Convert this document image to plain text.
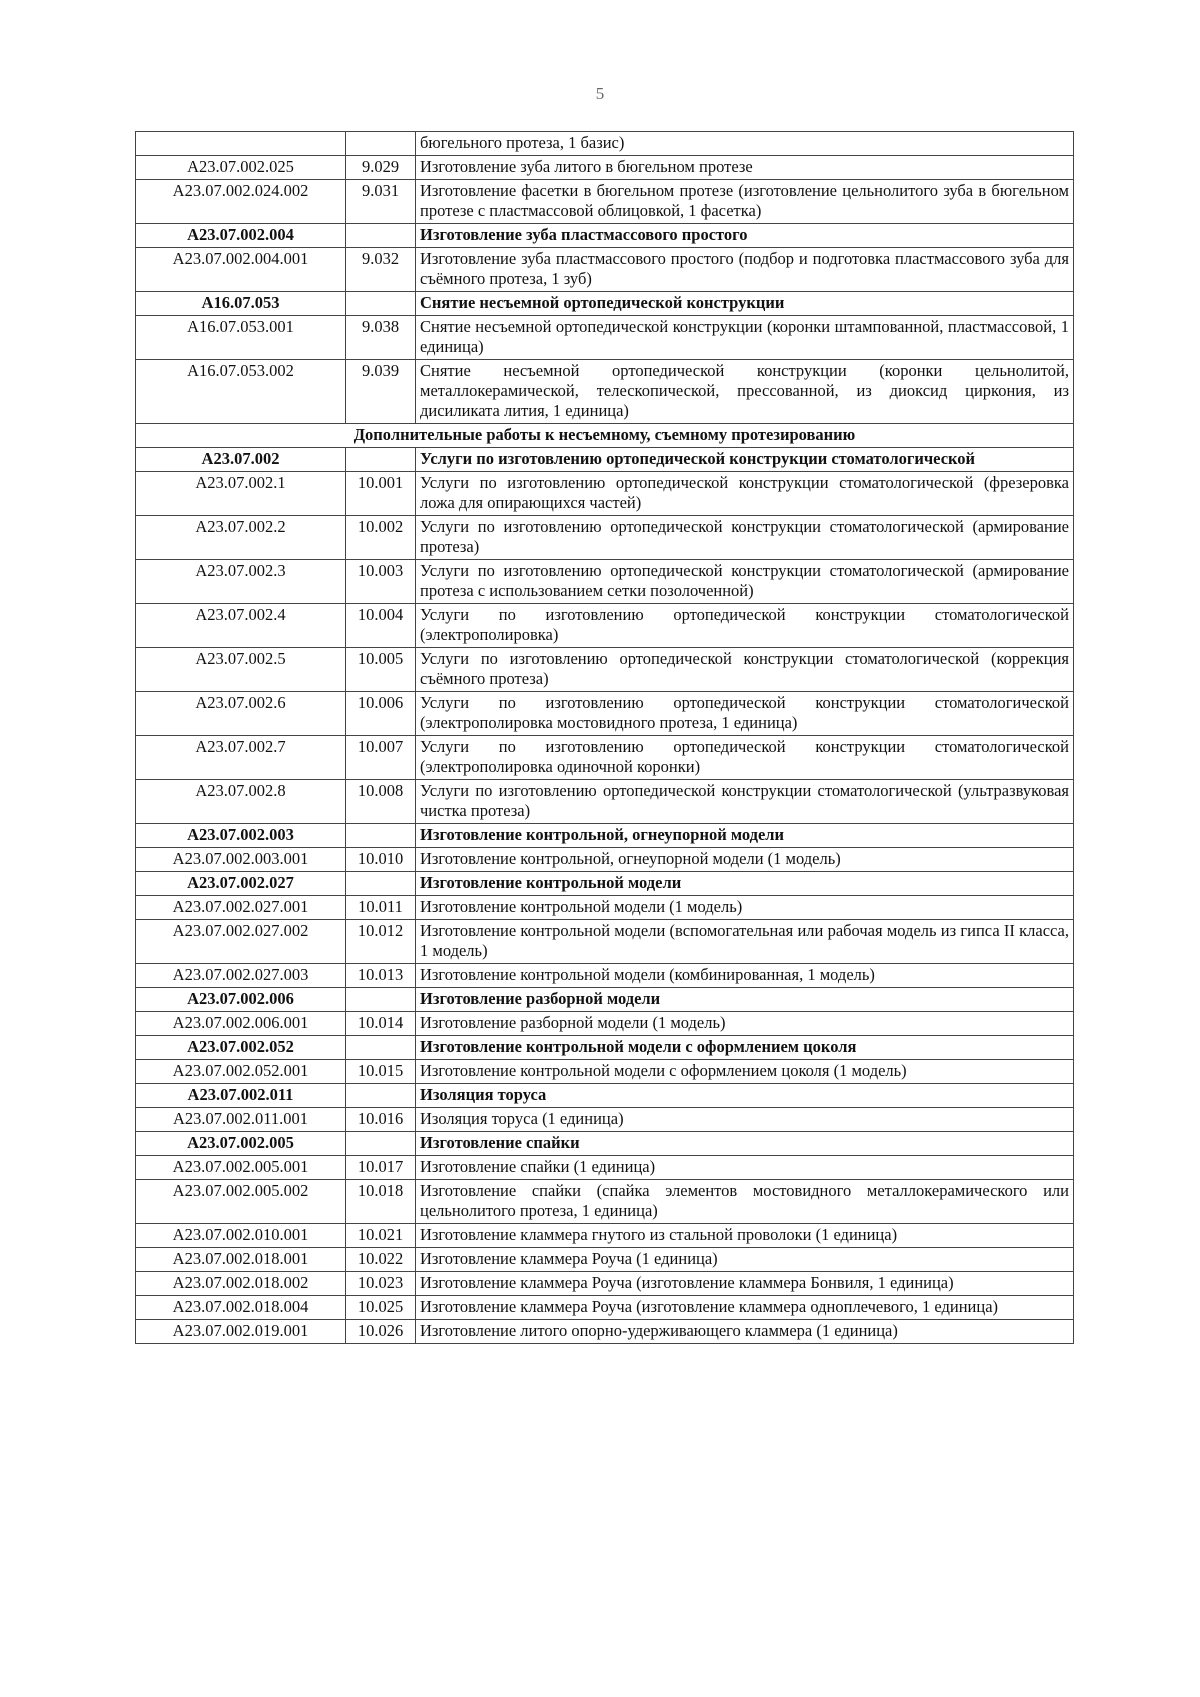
5
		бюгельного протеза, 1 базис)
A23.07.002.025	9.029	Изготовление зуба литого в бюгельном протезе
A23.07.002.024.002	9.031	Изготовление фасетки в бюгельном протезе (изготовление цельнолитого зуба в бюгельном протезе с пластмассовой облицовкой, 1 фасетка)
A23.07.002.004		Изготовление зуба пластмассового простого
A23.07.002.004.001	9.032	Изготовление зуба пластмассового простого (подбор и подготовка пластмассового зуба для съёмного протеза, 1 зуб)
A16.07.053		Снятие несъемной ортопедической конструкции
A16.07.053.001	9.038	Снятие несъемной ортопедической конструкции (коронки штампованной, пластмассовой, 1 единица)
A16.07.053.002	9.039	Снятие несъемной ортопедической конструкции (коронки цельнолитой, металлокерамической, телескопической, прессованной, из диоксид циркония, из дисиликата лития, 1 единица)
Дополнительные работы к несъемному, съемному протезированию		
A23.07.002		Услуги по изготовлению ортопедической конструкции стоматологической
A23.07.002.1	10.001	Услуги по изготовлению ортопедической конструкции стоматологической (фрезеровка ложа для опирающихся частей)
A23.07.002.2	10.002	Услуги по изготовлению ортопедической конструкции стоматологической (армирование протеза)
A23.07.002.3	10.003	Услуги по изготовлению ортопедической конструкции стоматологической (армирование протеза с использованием сетки позолоченной)
A23.07.002.4	10.004	Услуги по изготовлению ортопедической конструкции стоматологической (электрополировка)
A23.07.002.5	10.005	Услуги по изготовлению ортопедической конструкции стоматологической (коррекция съёмного протеза)
A23.07.002.6	10.006	Услуги по изготовлению ортопедической конструкции стоматологической (электрополировка мостовидного протеза, 1 единица)
A23.07.002.7	10.007	Услуги по изготовлению ортопедической конструкции стоматологической (электрополировка одиночной коронки)
A23.07.002.8	10.008	Услуги по изготовлению ортопедической конструкции стоматологической (ультразвуковая чистка протеза)
A23.07.002.003		Изготовление контрольной, огнеупорной модели
A23.07.002.003.001	10.010	Изготовление контрольной, огнеупорной модели (1 модель)
A23.07.002.027		Изготовление контрольной модели
A23.07.002.027.001	10.011	Изготовление контрольной модели (1 модель)
A23.07.002.027.002	10.012	Изготовление контрольной модели (вспомогательная или рабочая модель из гипса II класса, 1 модель)
A23.07.002.027.003	10.013	Изготовление контрольной модели (комбинированная, 1 модель)
A23.07.002.006		Изготовление разборной модели
A23.07.002.006.001	10.014	Изготовление разборной модели (1 модель)
A23.07.002.052		Изготовление контрольной модели с оформлением цоколя
A23.07.002.052.001	10.015	Изготовление контрольной модели с оформлением цоколя (1 модель)
A23.07.002.011		Изоляция торуса
A23.07.002.011.001	10.016	Изоляция торуса (1 единица)
A23.07.002.005		Изготовление спайки
A23.07.002.005.001	10.017	Изготовление спайки (1 единица)
A23.07.002.005.002	10.018	Изготовление спайки (спайка элементов мостовидного металлокерамического или цельнолитого протеза, 1 единица)
A23.07.002.010.001	10.021	Изготовление кламмера гнутого из стальной проволоки (1 единица)
A23.07.002.018.001	10.022	Изготовление кламмера Роуча (1 единица)
A23.07.002.018.002	10.023	Изготовление кламмера Роуча (изготовление кламмера Бонвиля, 1 единица)
A23.07.002.018.004	10.025	Изготовление кламмера Роуча (изготовление кламмера одноплечевого, 1 единица)
A23.07.002.019.001	10.026	Изготовление литого опорно-удерживающего кламмера (1 единица)
